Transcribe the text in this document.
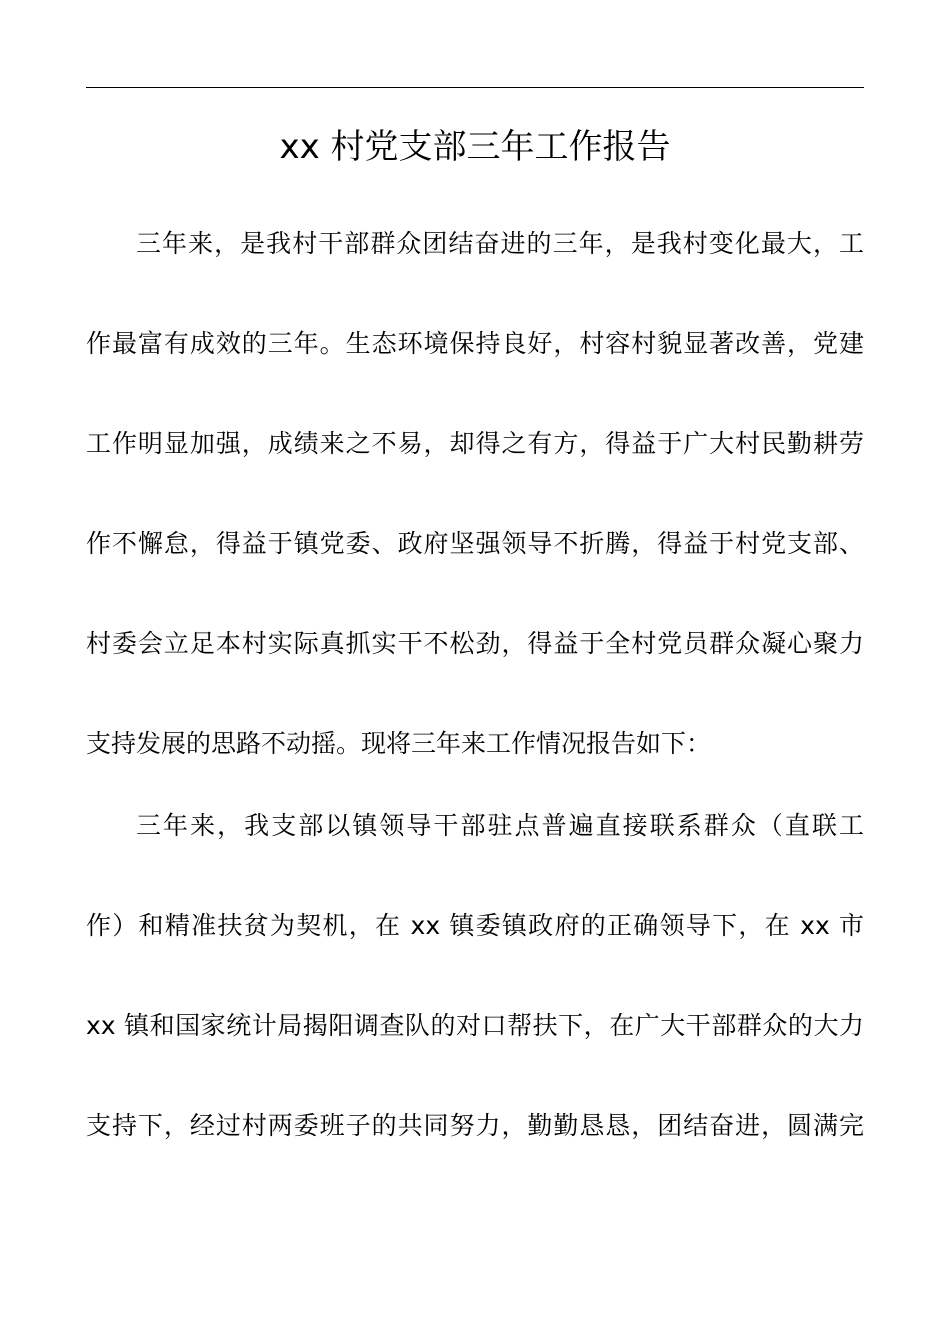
xx 村党支部三年工作报告
三年来，是我村干部群众团结奋进的三年，是我村变化最大，工
作最富有成效的三年。生态环境保持良好，村容村貌显著改善，党建
工作明显加强，成绩来之不易，却得之有方，得益于广大村民勤耕劳
作不懈怠，得益于镇党委、政府坚强领导不折腾，得益于村党支部、
村委会立足本村实际真抓实干不松劲，得益于全村党员群众凝心聚力
支持发展的思路不动摇。现将三年来工作情况报告如下：
三年来，我支部以镇领导干部驻点普遍直接联系群众（直联工
作）和精准扶贫为契机，在 xx 镇委镇政府的正确领导下，在 xx 市
xx 镇和国家统计局揭阳调查队的对口帮扶下，在广大干部群众的大力
支持下，经过村两委班子的共同努力，勤勤恳恳，团结奋进，圆满完
